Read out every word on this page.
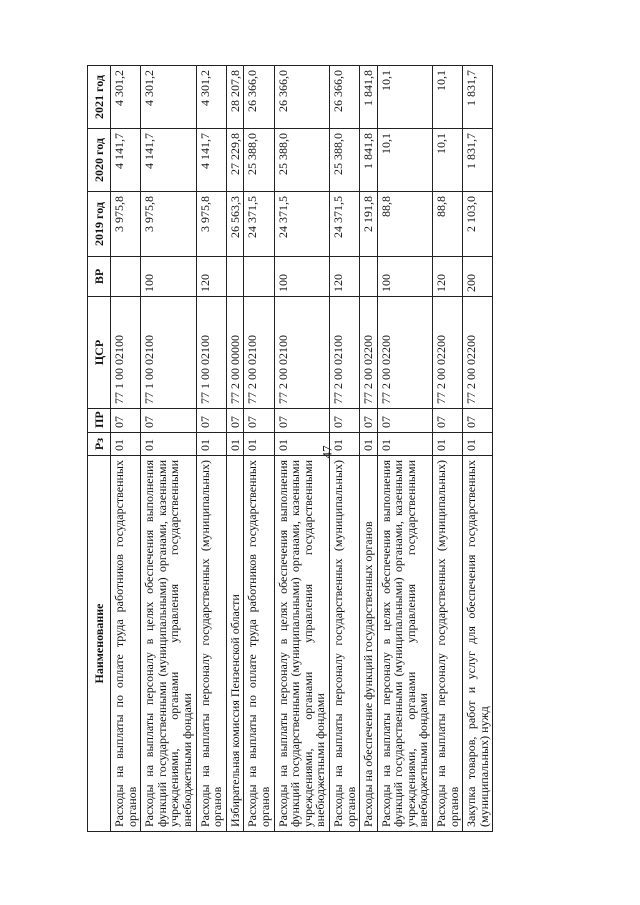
47
Наименование	Рз	ПР	ЦСР	ВР	2019 год	2020 год	2021 год
Расходы на выплаты по оплате труда работников государственных органов	01	07	77 1 00 02100		3 975,8	4 141,7	4 301,2
Расходы на выплаты персоналу в целях обеспечения выполнения функций государственными (муниципальными) органами, казенными учреждениями, органами управления государственными внебюджетными фондами	01	07	77 1 00 02100	100	3 975,8	4 141,7	4 301,2
Расходы на выплаты персоналу государственных (муниципальных) органов	01	07	77 1 00 02100	120	3 975,8	4 141,7	4 301,2
Избирательная комиссия Пензенской области	01	07	77 2 00 00000		26 563,3	27 229,8	28 207,8
Расходы на выплаты по оплате труда работников государственных органов	01	07	77 2 00 02100		24 371,5	25 388,0	26 366,0
Расходы на выплаты персоналу в целях обеспечения выполнения функций государственными (муниципальными) органами, казенными учреждениями, органами управления государственными внебюджетными фондами	01	07	77 2 00 02100	100	24 371,5	25 388,0	26 366,0
Расходы на выплаты персоналу государственных (муниципальных) органов	01	07	77 2 00 02100	120	24 371,5	25 388,0	26 366,0
Расходы на обеспечение функций государственных органов	01	07	77 2 00 02200		2 191,8	1 841,8	1 841,8
Расходы на выплаты персоналу в целях обеспечения выполнения функций государственными (муниципальными) органами, казенными учреждениями, органами управления государственными внебюджетными фондами	01	07	77 2 00 02200	100	88,8	10,1	10,1
Расходы на выплаты персоналу государственных (муниципальных) органов	01	07	77 2 00 02200	120	88,8	10,1	10,1
Закупка товаров, работ и услуг для обеспечения государственных (муниципальных) нужд	01	07	77 2 00 02200	200	2 103,0	1 831,7	1 831,7
